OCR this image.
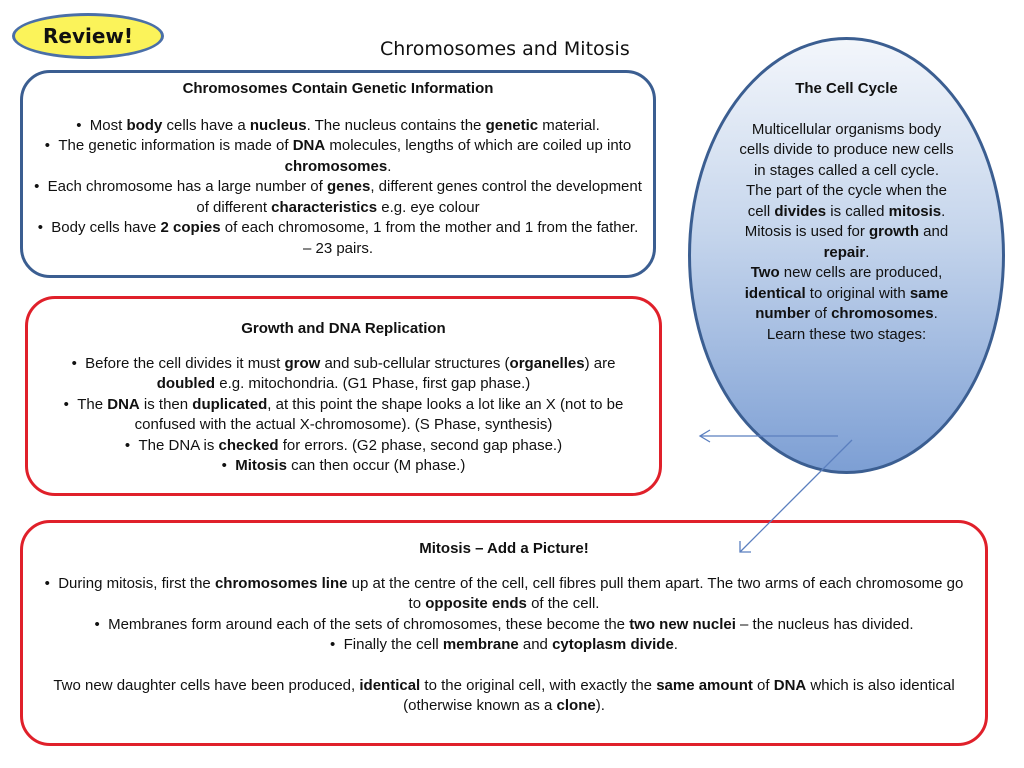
Review!
Chromosomes and Mitosis
Chromosomes Contain Genetic Information
•  Most body cells have a nucleus. The nucleus contains the genetic material.
•  The genetic information is made of DNA molecules, lengths of which are coiled up into chromosomes.
•  Each chromosome has a large number of genes, different genes control the development of different characteristics e.g. eye colour
•  Body cells have 2 copies of each chromosome, 1 from the mother and 1 from the father. – 23 pairs.
Growth and DNA Replication
•  Before the cell divides it must grow and sub-cellular structures (organelles) are doubled e.g. mitochondria. (G1 Phase, first gap phase.)
•  The DNA is then duplicated, at this point the shape looks a lot like an X (not to be confused with the actual X-chromosome). (S Phase, synthesis)
•  The DNA is checked for errors. (G2 phase, second gap phase.)
•  Mitosis can then occur (M phase.)
The Cell Cycle
Multicellular organisms body cells divide to produce new cells in stages called a cell cycle.
The part of the cycle when the cell divides is called mitosis.
Mitosis is used for growth and repair.
Two new cells are produced, identical to original with same number of chromosomes.
Learn these two stages:
Mitosis – Add a Picture!
•  During mitosis, first the chromosomes line up at the centre of the cell, cell fibres pull them apart. The two arms of each chromosome go to opposite ends of the cell.
•  Membranes form around each of the sets of chromosomes, these become the two new nuclei – the nucleus has divided.
•  Finally the cell membrane and cytoplasm divide.

Two new daughter cells have been produced, identical to the original cell, with exactly the same amount of DNA which is also identical (otherwise known as a clone).
